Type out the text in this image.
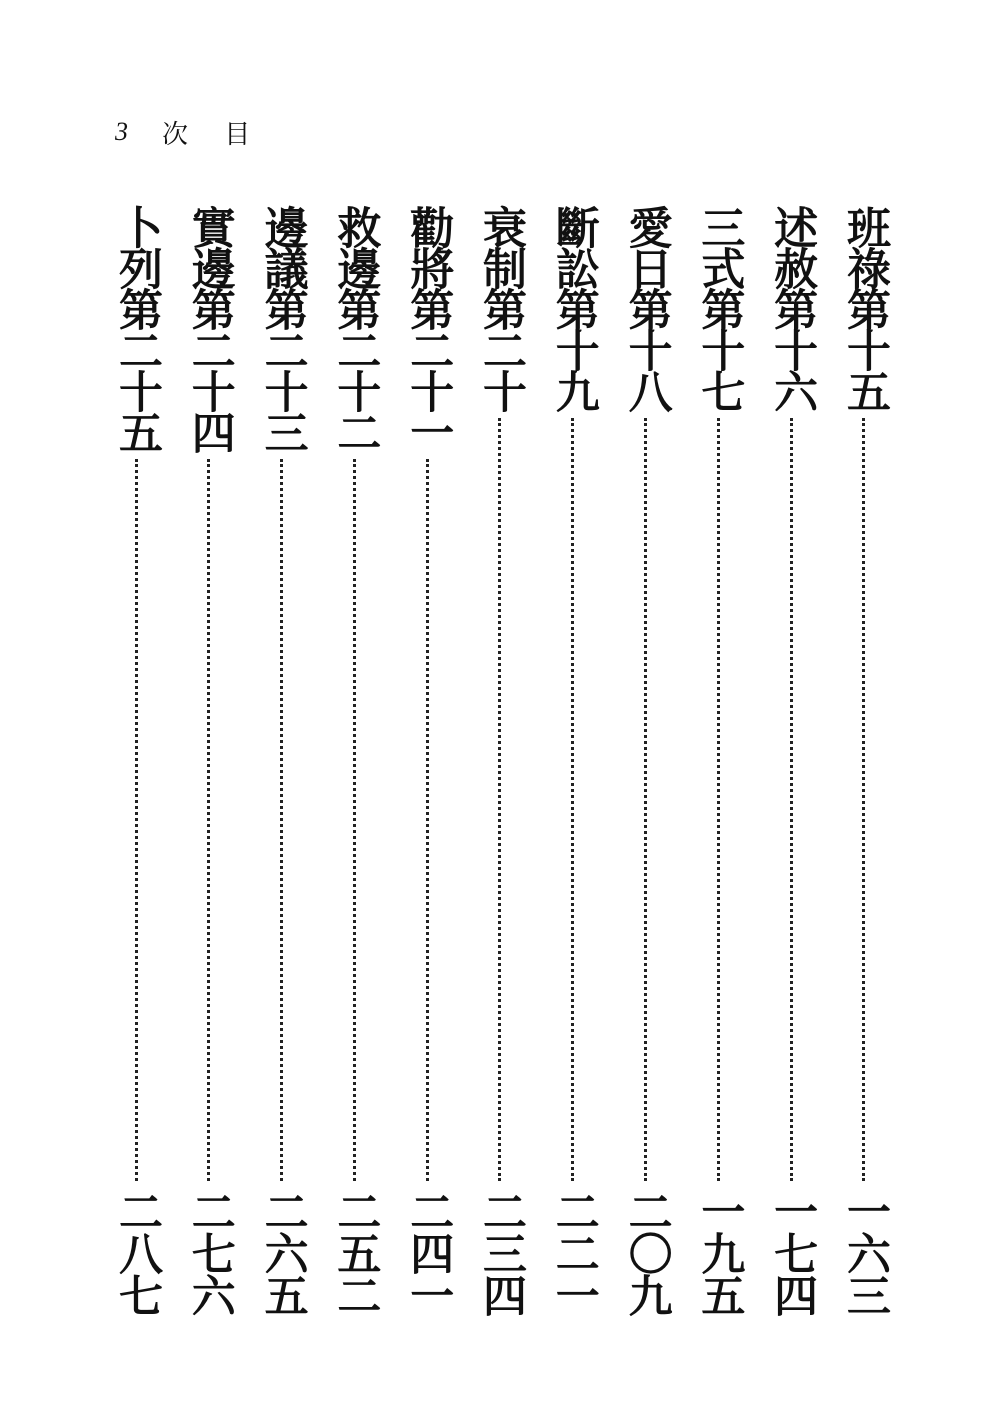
3 次 目
班祿第十五
一六三
述赦第十六
一七四
三式第十七
一九五
愛日第十八
二〇九
斷訟第十九
二二一
衰制第二十
二三四
勸將第二十一
二四一
救邊第二十二
二五二
邊議第二十三
二六五
實邊第二十四
二七六
卜列第二十五
二八七
